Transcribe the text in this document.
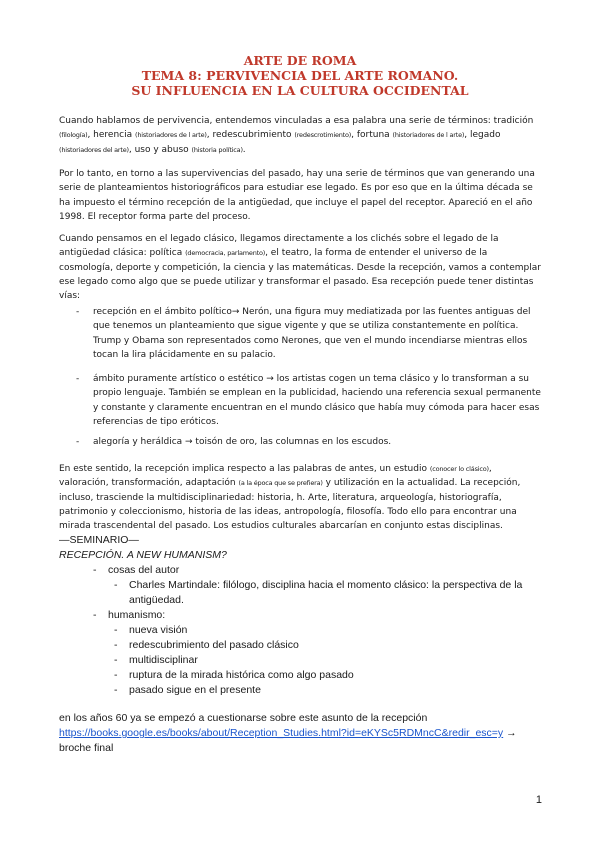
ARTE DE ROMA
TEMA 8: PERVIVENCIA DEL ARTE ROMANO.
SU INFLUENCIA EN LA CULTURA OCCIDENTAL
Cuando hablamos de pervivencia, entendemos vinculadas a esa palabra una serie de términos: tradición (filología), herencia (historiadores de l arte), redescubrimiento (redescrotimiento), fortuna (historiadores de l arte), legado (historiadores del arte), uso y abuso (historia política).
Por lo tanto, en torno a las supervivencias del pasado, hay una serie de términos que van generando una serie de planteamientos historiográficos para estudiar ese legado. Es por eso que en la última década se ha impuesto el término recepción de la antigüedad, que incluye el papel del receptor. Apareció en el año 1998. El receptor forma parte del proceso.
Cuando pensamos en el legado clásico, llegamos directamente a los clichés sobre el legado de la antigüedad clásica: política (democracia, parlamento), el teatro, la forma de entender el universo de la cosmología, deporte y competición, la ciencia y las matemáticas. Desde la recepción, vamos a contemplar ese legado como algo que se puede utilizar y transformar el pasado. Esa recepción puede tener distintas vías:
- recepción en el ámbito político→ Nerón, una figura muy mediatizada por las fuentes antiguas del que tenemos un planteamiento que sigue vigente y que se utiliza constantemente en política. Trump y Obama son representados como Nerones, que ven el mundo incendiarse mientras ellos tocan la lira plácidamente en su palacio.
- ámbito puramente artístico o estético → los artistas cogen un tema clásico y lo transforman a su propio lenguaje. También se emplean en la publicidad, haciendo una referencia sexual permanente y constante y claramente encuentran en el mundo clásico que había muy cómoda para hacer esas referencias de tipo eróticos.
- alegoría y heráldica → toisón de oro, las columnas en los escudos.
En este sentido, la recepción implica respecto a las palabras de antes, un estudio (conocer lo clásico), valoración, transformación, adaptación (a la época que se prefiera) y utilización en la actualidad. La recepción, incluso, trasciende la multidisciplinariedad: historia, h. Arte, literatura, arqueología, historiografía, patrimonio y coleccionismo, historia de las ideas, antropología, filosofía. Todo ello para encontrar una mirada trascendental del pasado. Los estudios culturales abarcarían en conjunto estas disciplinas.
—SEMINARIO—
RECEPCIÓN. A NEW HUMANISM?
- cosas del autor
- Charles Martindale: filólogo, disciplina hacia el momento clásico: la perspectiva de la antigüedad.
- humanismo:
- nueva visión
- redescubrimiento del pasado clásico
- multidisciplinar
- ruptura de la mirada histórica como algo pasado
- pasado sigue en el presente
en los años 60 ya se empezó a cuestionarse sobre este asunto de la recepción
https://books.google.es/books/about/Reception_Studies.html?id=eKYSc5RDMncC&redir_esc=y →
broche final
1
